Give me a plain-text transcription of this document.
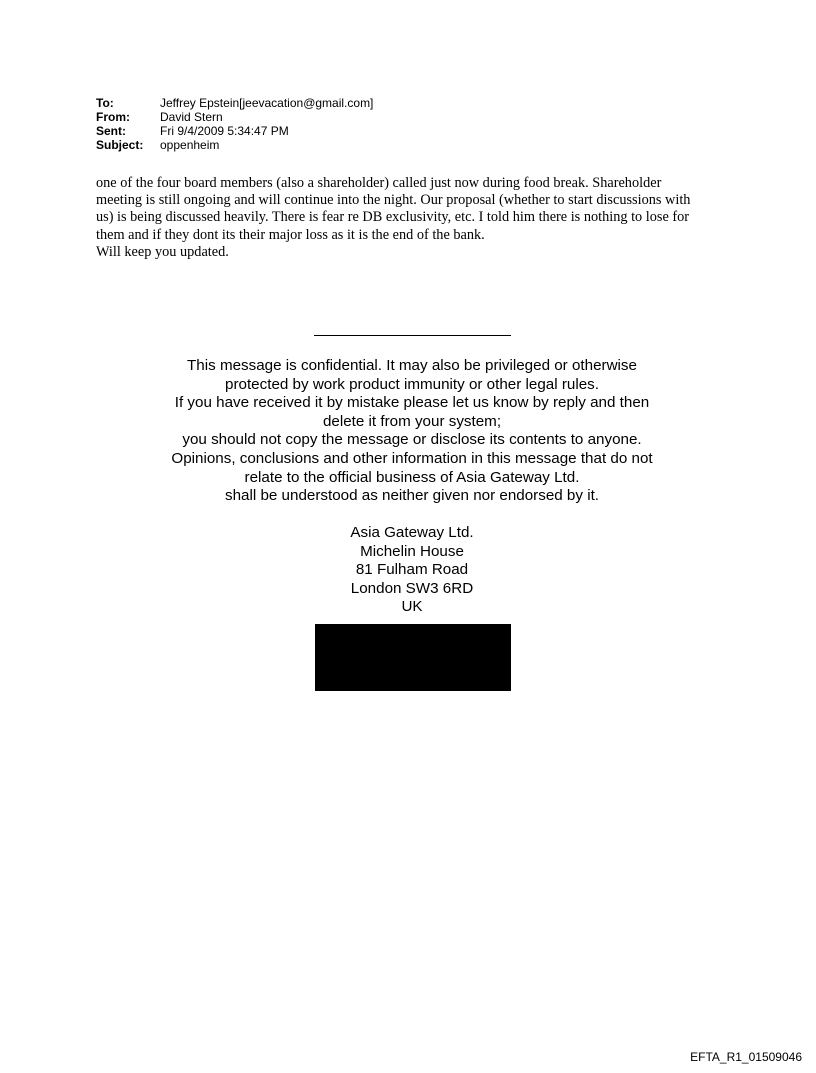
To:	Jeffrey Epstein[jeevacation@gmail.com]
From:	David Stern
Sent:	Fri 9/4/2009 5:34:47 PM
Subject:	oppenheim

one of the four board members (also a shareholder) called just now during food break. Shareholder meeting is still ongoing and will continue into the night. Our proposal (whether to start discussions with us) is being discussed heavily. There is fear re DB exclusivity, etc. I told him there is nothing to lose for them and if they dont its their major loss as it is the end of the bank.

Will keep you updated.

This message is confidential. It may also be privileged or otherwise
protected by work product immunity or other legal rules.
If you have received it by mistake please let us know by reply and then
delete it from your system;
you should not copy the message or disclose its contents to anyone.
Opinions, conclusions and other information in this message that do not
relate to the official business of Asia Gateway Ltd.
shall be understood as neither given nor endorsed by it.
Asia Gateway Ltd.
Michelin House
81 Fulham Road
London SW3 6RD
UK
EFTA_R1_01509046
